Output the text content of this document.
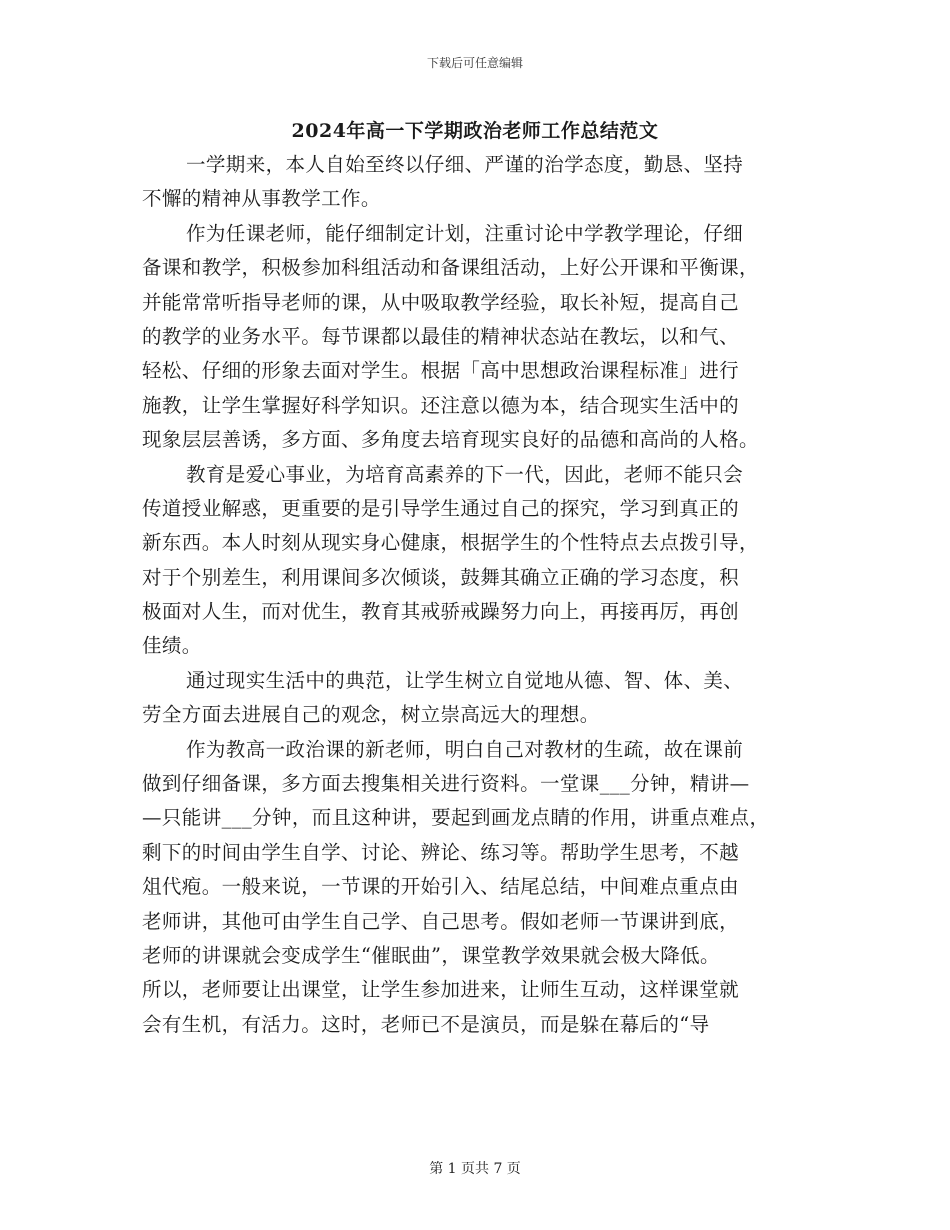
下载后可任意编辑
2024年高一下学期政治老师工作总结范文
一学期来，本人自始至终以仔细、严谨的治学态度，勤恳、坚持
不懈的精神从事教学工作。
作为任课老师，能仔细制定计划，注重讨论中学教学理论，仔细
备课和教学，积极参加科组活动和备课组活动，上好公开课和平衡课，
并能常常听指导老师的课，从中吸取教学经验，取长补短，提高自己
的教学的业务水平。每节课都以最佳的精神状态站在教坛，以和气、
轻松、仔细的形象去面对学生。根据「高中思想政治课程标准」进行
施教，让学生掌握好科学知识。还注意以德为本，结合现实生活中的
现象层层善诱，多方面、多角度去培育现实良好的品德和高尚的人格。
教育是爱心事业，为培育高素养的下一代，因此，老师不能只会
传道授业解惑，更重要的是引导学生通过自己的探究，学习到真正的
新东西。本人时刻从现实身心健康，根据学生的个性特点去点拨引导，
对于个别差生，利用课间多次倾谈，鼓舞其确立正确的学习态度，积
极面对人生，而对优生，教育其戒骄戒躁努力向上，再接再厉，再创
佳绩。
通过现实生活中的典范，让学生树立自觉地从德、智、体、美、
劳全方面去进展自己的观念，树立崇高远大的理想。
作为教高一政治课的新老师，明白自己对教材的生疏，故在课前
做到仔细备课，多方面去搜集相关进行资料。一堂课___分钟，精讲—
—只能讲___分钟，而且这种讲，要起到画龙点睛的作用，讲重点难点，
剩下的时间由学生自学、讨论、辨论、练习等。帮助学生思考，不越
俎代疱。一般来说，一节课的开始引入、结尾总结，中间难点重点由
老师讲，其他可由学生自己学、自己思考。假如老师一节课讲到底，
老师的讲课就会变成学生“催眠曲”，课堂教学效果就会极大降低。
所以，老师要让出课堂，让学生参加进来，让师生互动，这样课堂就
会有生机，有活力。这时，老师已不是演员，而是躲在幕后的“导
第 1 页共 7 页
